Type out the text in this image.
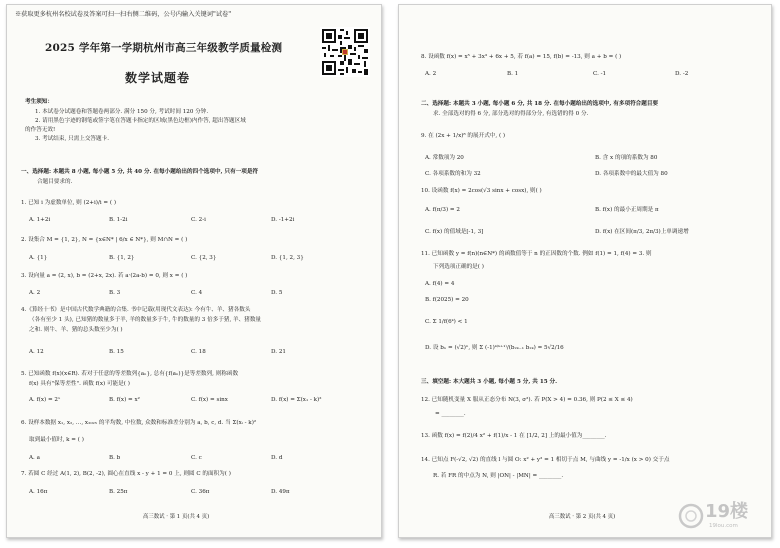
※获取更多杭州名校试卷及答案可扫一扫右侧二维码，公号内输入关键词"试卷"
2025 学年第一学期杭州市高三年级教学质量检测
数学试题卷
考生须知：
1. 本试卷分试题卷和答题卷两部分. 满分 150 分, 考试时间 120 分钟.
2. 请用黑色字迹的钢笔或签字笔在答题卡指定的区域(黑色边框)内作答, 超出答题区域
的作答无效!
3. 考试结束, 只需上交答题卡.
一、选择题: 本题共 8 小题, 每小题 5 分, 共 40 分. 在每小题给出的四个选项中, 只有一项是符
合题目要求的.
1. 已知 i 为虚数单位, 则 (2+i)/i = ( )
A. 1+2i	B. 1-2i	C. 2-i	D. -1+2i
2. 设集合 M = {1, 2}, N = {x∈N* | 6/x ∈ N*}, 则 M∩N = ( )
A. {1}	B. {1, 2}	C. {2, 3}	D. {1, 2, 3}
3. 设向量 a = (2, x), b = (2+x, 2x). 若 a·(2a-b) = 0, 则 x = ( )
A. 2	B. 3	C. 4	D. 5
4.《算经十书》是中国古代数学典籍的合集. 书中记载(用现代文表达): 今有牛、羊、猪各数头
（各有至少 1 头), 已知猪的数量多于羊, 羊的数量多于牛, 牛的数量的 3 倍多于猪, 羊、猪数量
之和. 则牛、羊、猪的总头数至少为( )
A. 12	B. 15	C. 18	D. 21
5. 已知函数 f(x)(x∈R). 若对于任意的等差数列{aₙ}, 总有{f(aₙ)}是等差数列, 则称函数
f(x) 具有"保等差性". 函数 f(x) 可能是( )
A. f(x) = 2ˣ	B. f(x) = x²	C. f(x) = sinx	D. f(x) = Σ(x₁ - k)²
6. 设样本数据 x₁, x₂, …, x₂₀₂₅ 的平均数, 中位数, 众数和标准差分别为 a, b, c, d. 当 Σ(xᵢ - k)²
取到最小值时, k = ( )
A. a	B. b	C. c	D. d
7. 若圆 C 经过 A(1, 2), B(2, -2), 圆心在直线 x - y + 1 = 0 上, 则圆 C 的面积为( )
A. 16π	B. 25π	C. 36π	D. 49π
高三数试 · 第 1 页(共 4 页)
8. 设函数 f(x) = x⁵ + 3x³ + 6x + 5, 若 f(a) = 15, f(b) = -13, 则 a + b = ( )
A. 2	B. 1	C. -1	D. -2
二、选择题: 本题共 3 小题, 每小题 6 分, 共 18 分. 在每小题给出的选项中, 有多项符合题目要
求. 全部选对的得 6 分, 部分选对的得部分分, 有选错的得 0 分.
9. 在 (2x + 1/x)⁸ 的展开式中, ( )
A. 常数项为 20	B. 含 x 的项的系数为 80
C. 各项系数的和为 32	D. 各项系数中的最大值为 80
10. 设函数 f(x) = 2cos(√3 sinx + cosx), 则( )
A. f(π/3) = 2	B. f(x) 的最小正周期是 π
C. f(x) 的值域是[-1, 3]	D. f(x) 在区间(π/3, 2π/3)上单调递增
11. 已知函数 y = f(n)(n∈N*) 的函数值等于 n 的正因数的个数. 例如 f(1) = 1, f(4) = 3. 则
下列选项正确的是( )
A. f(4) = 4
B. f(2025) = 20
C. Σ 1/f(6ᵏ) < 1
D. 设 bₙ = (√2)ⁿ, 则 Σ (-1)ᵏ⁽ᵏ⁺¹⁾/(b₂ₖ₋₁ b₂ₖ) = 5√2/16
三、填空题: 本大题共 3 小题, 每小题 5 分, 共 15 分.
12. 已知随机变量 X 服从正态分布 N(3, σ²). 若 P(X > 4) = 0.36, 则 P(2 ≤ X ≤ 4)
= ________.
13. 函数 f(x) = f(2)/4 x² + f(1)/x - 1 在 [1/2, 2] 上的最小值为________.
14. 已知点 F(-√2, √2) 的直线 l 与圆 O: x² + y² = 1 相切于点 M, 与曲线 y = -1/x (x > 0) 交于点
R. 若 FR 的中点为 N, 则 |ON| - |MN| = ________.
高三数试 · 第 2 页(共 4 页)	19楼
19lou.com
